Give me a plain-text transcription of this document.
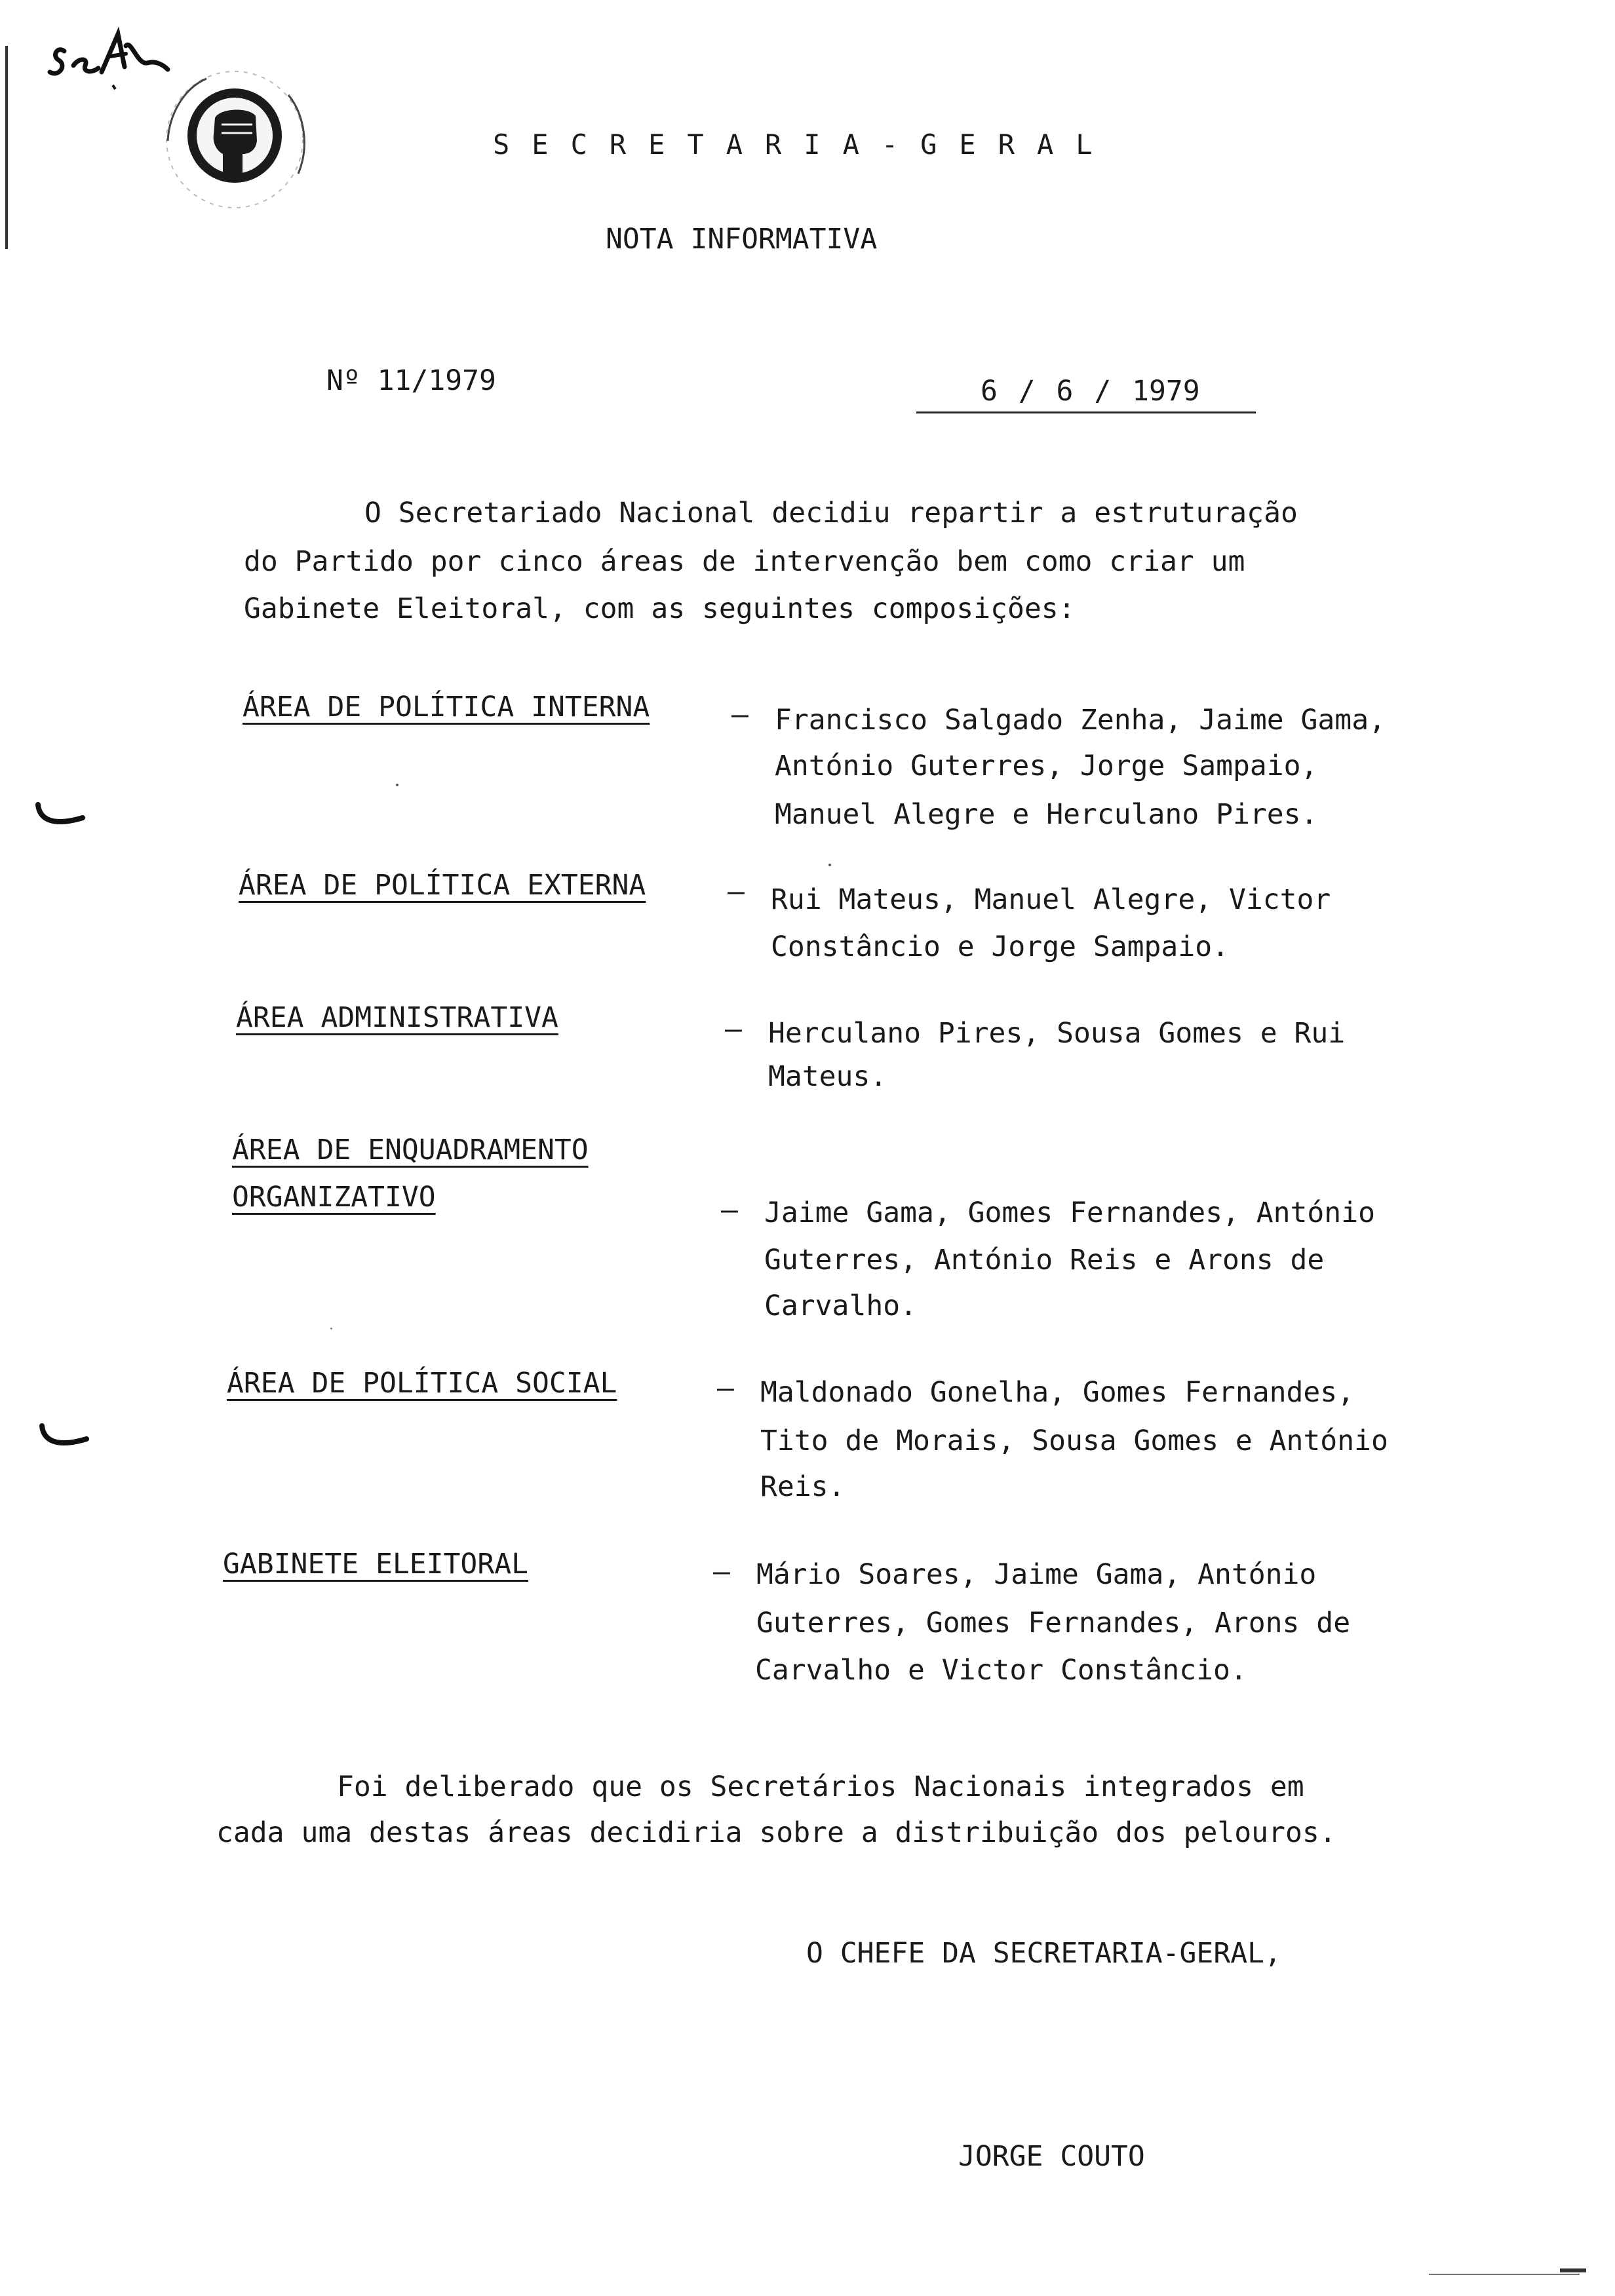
SECRETARIA-GERAL
NOTA INFORMATIVA
Nº 11/1979	6 / 6 / 1979
O Secretariado Nacional decidiu repartir a estruturação
do Partido por cinco áreas de intervenção bem como criar um
Gabinete Eleitoral, com as seguintes composições:
ÁREA DE POLÍTICA INTERNA	– Francisco Salgado Zenha, Jaime Gama,
António Guterres, Jorge Sampaio,
Manuel Alegre e Herculano Pires.
ÁREA DE POLÍTICA EXTERNA	– Rui Mateus, Manuel Alegre, Victor
Constâncio e Jorge Sampaio.
ÁREA ADMINISTRATIVA	– Herculano Pires, Sousa Gomes e Rui
Mateus.
ÁREA DE ENQUADRAMENTO
ORGANIZATIVO	– Jaime Gama, Gomes Fernandes, António
Guterres, António Reis e Arons de
Carvalho.
ÁREA DE POLÍTICA SOCIAL	– Maldonado Gonelha, Gomes Fernandes,
Tito de Morais, Sousa Gomes e António
Reis.
GABINETE ELEITORAL	– Mário Soares, Jaime Gama, António
Guterres, Gomes Fernandes, Arons de
Carvalho e Victor Constâncio.
Foi deliberado que os Secretários Nacionais integrados em
cada uma destas áreas decidiria sobre a distribuição dos pelouros.
O CHEFE DA SECRETARIA-GERAL,
JORGE COUTO
